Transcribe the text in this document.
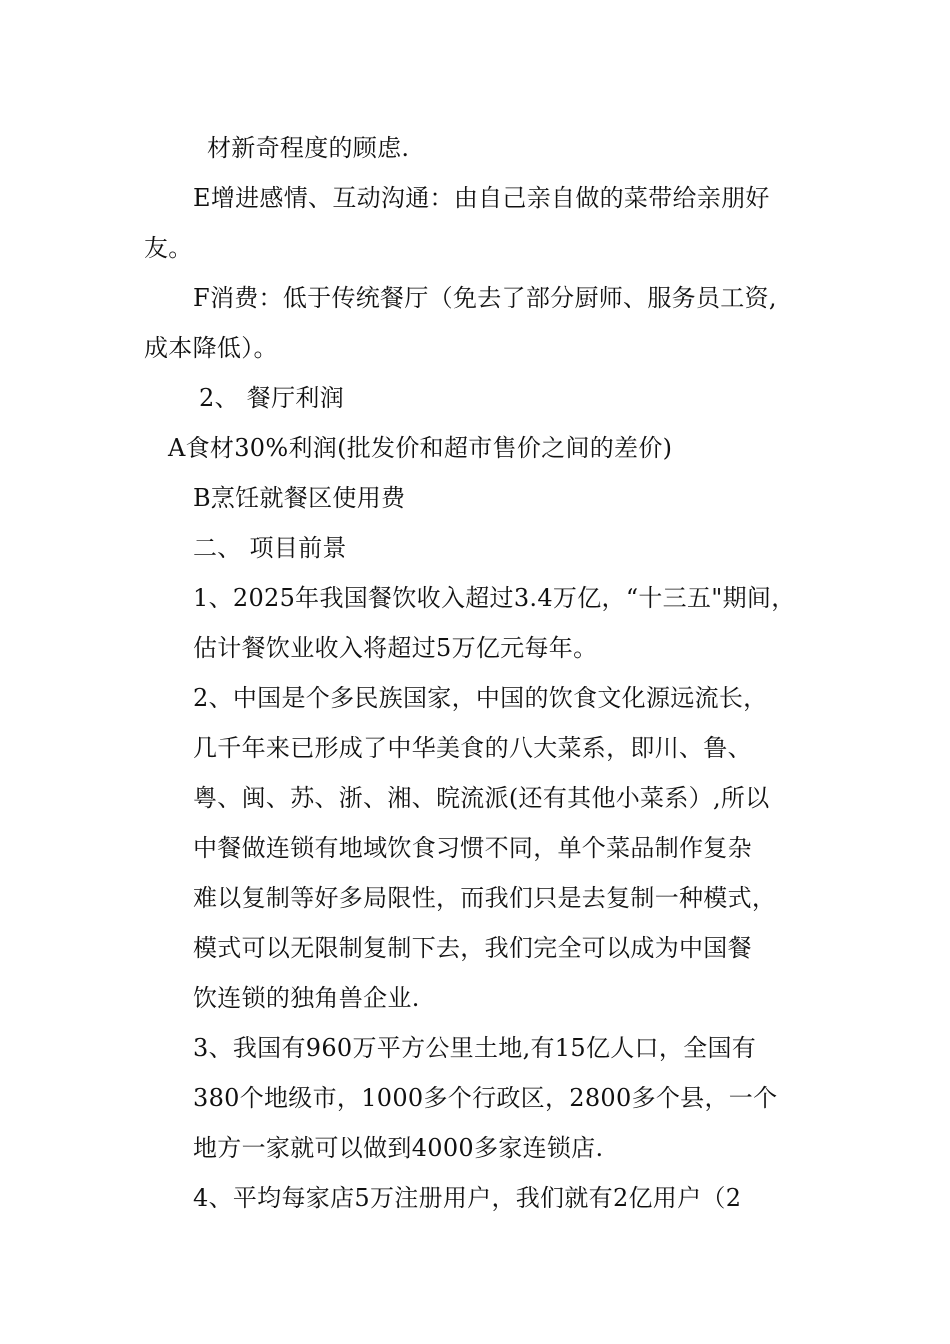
材新奇程度的顾虑.
E增进感情、互动沟通：由自己亲自做的菜带给亲朋好
友。
F消费：低于传统餐厅（免去了部分厨师、服务员工资,
成本降低）。
2、 餐厅利润
A食材30%利润(批发价和超市售价之间的差价)
B烹饪就餐区使用费
二、 项目前景
1、2025年我国餐饮收入超过3.4万亿，“十三五"期间，
估计餐饮业收入将超过5万亿元每年。
2、中国是个多民族国家，中国的饮食文化源远流长，
几千年来已形成了中华美食的八大菜系，即川、鲁、
粤、闽、苏、浙、湘、晥流派(还有其他小菜系）,所以
中餐做连锁有地域饮食习惯不同，单个菜品制作复杂
难以复制等好多局限性，而我们只是去复制一种模式，
模式可以无限制复制下去，我们完全可以成为中国餐
饮连锁的独角兽企业.
3、我国有960万平方公里土地,有15亿人口，全国有
380个地级市，1000多个行政区，2800多个县，一个
地方一家就可以做到4000多家连锁店.
4、平均每家店5万注册用户，我们就有2亿用户（2
